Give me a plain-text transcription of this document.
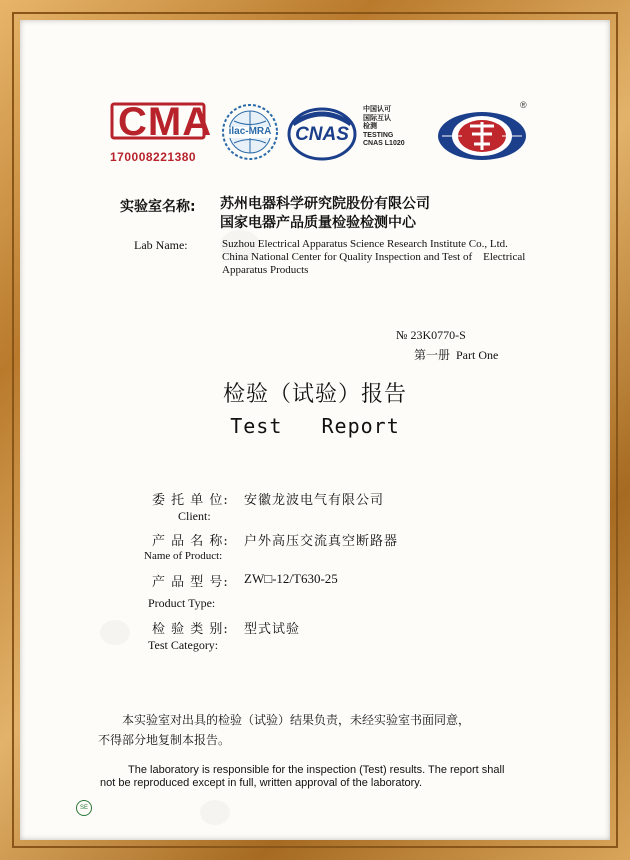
CMA
170008221380
ilac-MRA	CNAS
中国认可
国际互认
检测
TESTING
CNAS L1020
®
实验室名称: 苏州电器科学研究院股份有限公司
国家电器产品质量检验检测中心
Lab Name:	Suzhou Electrical Apparatus Science Research Institute Co., Ltd.
China National Center for Quality Inspection and Test of    Electrical
Apparatus Products
№ 23K0770-S
第一册  Part One
检验（试验）报告
Test   Report
委 托 单 位: 安徽龙波电气有限公司
Client:
产 品 名 称: 户外高压交流真空断路器
Name of Product:
产 品 型 号: ZW□-12/T630-25
Product Type:
检 验 类 别: 型式试验
Test Category:
本实验室对出具的检验（试验）结果负责，未经实验室书面同意，
不得部分地复制本报告。
The laboratory is responsible for the inspection (Test) results. The report shall
not be reproduced except in full, written approval of the laboratory.
SE
